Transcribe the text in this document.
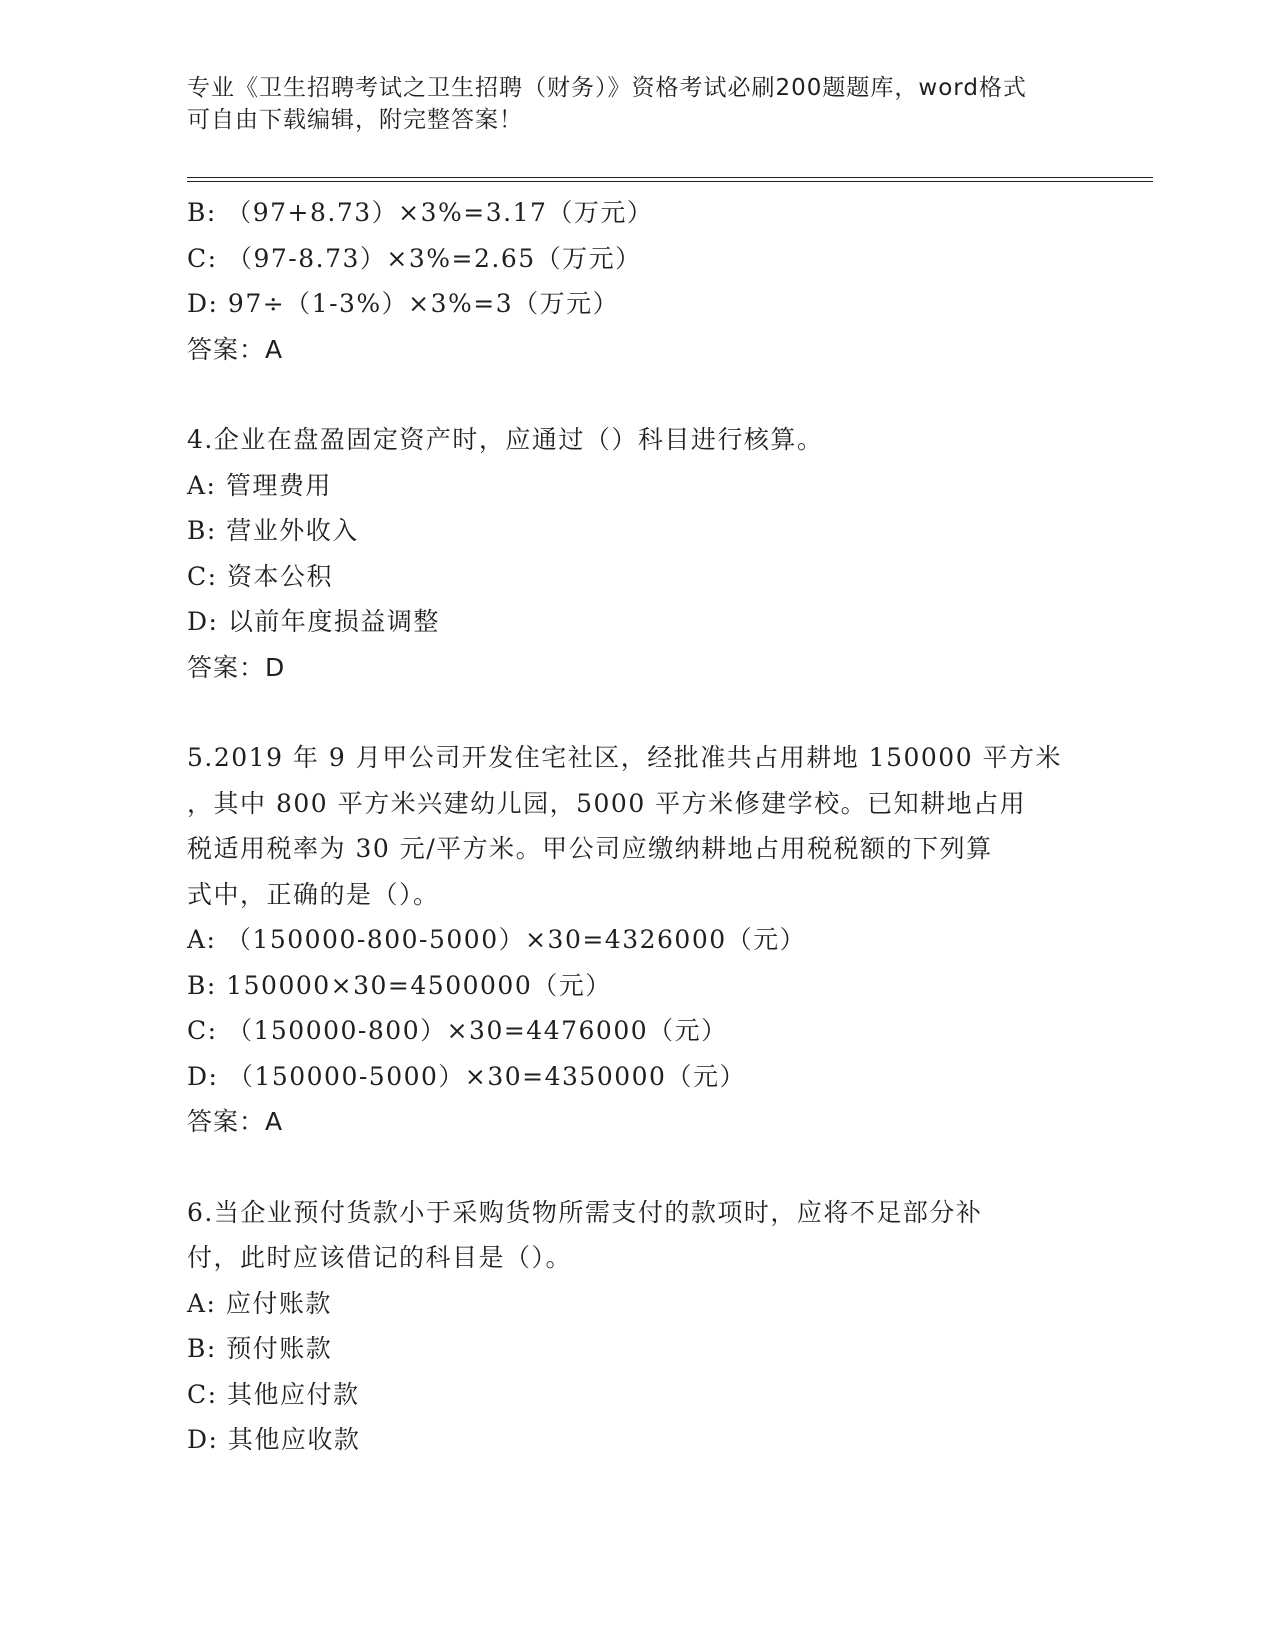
专业《卫生招聘考试之卫生招聘（财务）》资格考试必刷200题题库，word格式
可自由下载编辑，附完整答案！
B: （97+8.73）×3%=3.17（万元）
C: （97-8.73）×3%=2.65（万元）
D: 97÷（1-3%）×3%=3（万元）
答案：A
4.企业在盘盈固定资产时，应通过（）科目进行核算。
A: 管理费用
B: 营业外收入
C: 资本公积
D: 以前年度损益调整
答案：D
5.2019 年 9 月甲公司开发住宅社区，经批准共占用耕地 150000 平方米
，其中 800 平方米兴建幼儿园，5000 平方米修建学校。已知耕地占用
税适用税率为 30 元/平方米。甲公司应缴纳耕地占用税税额的下列算
式中，正确的是（）。
A: （150000-800-5000）×30=4326000（元）
B: 150000×30=4500000（元）
C: （150000-800）×30=4476000（元）
D: （150000-5000）×30=4350000（元）
答案：A
6.当企业预付货款小于采购货物所需支付的款项时，应将不足部分补
付，此时应该借记的科目是（）。
A: 应付账款
B: 预付账款
C: 其他应付款
D: 其他应收款
